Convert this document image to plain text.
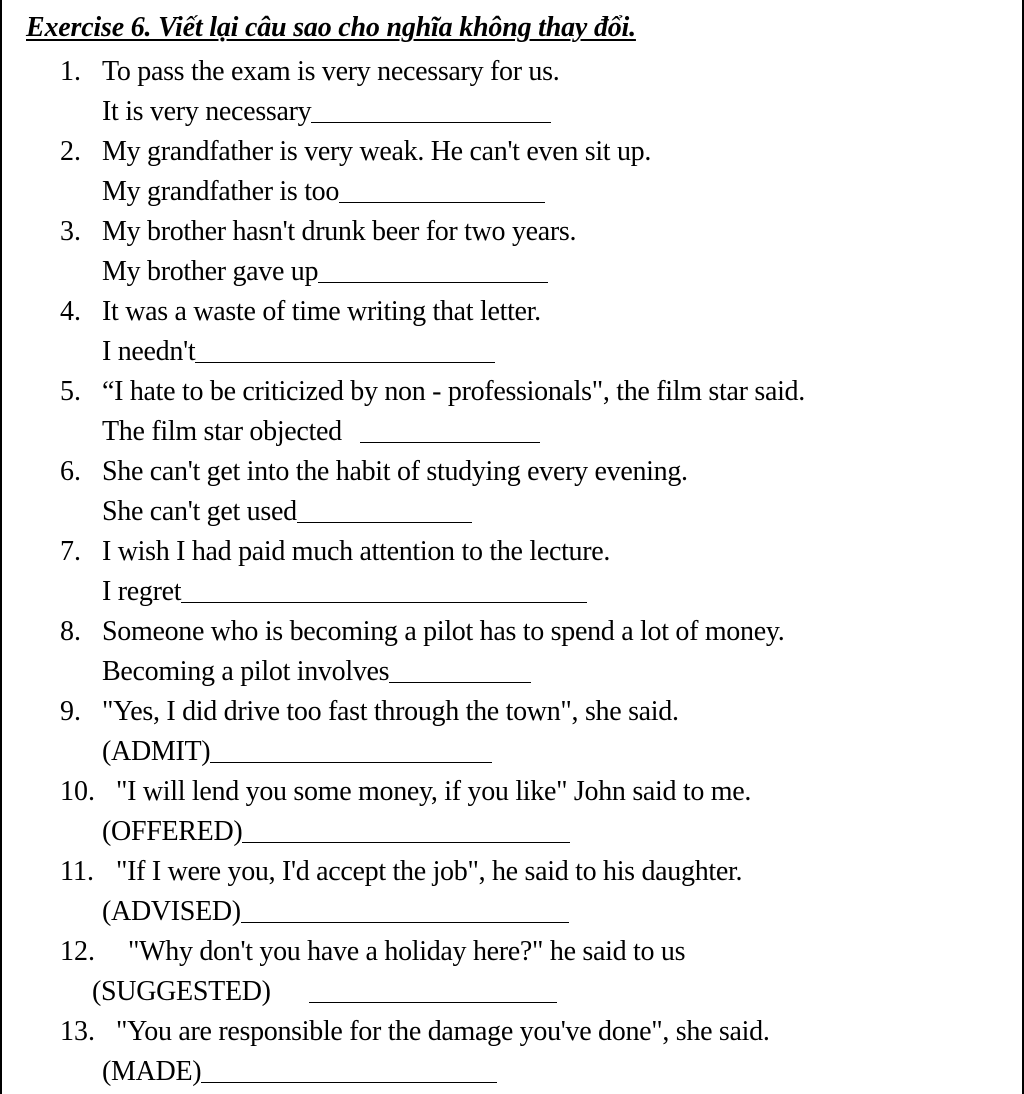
Exercise 6. Viết lại câu sao cho nghĩa không thay đổi.
1. To pass the exam is very necessary for us.
It is very necessary
2. My grandfather is very weak. He can't even sit up.
My grandfather is too
3. My brother hasn't drunk beer for two years.
My brother gave up
4. It was a waste of time writing that letter.
I needn't
5. “I hate to be criticized by non - professionals", the film star said.
The film star objected
6. She can't get into the habit of studying every evening.
She can't get used
7. I wish I had paid much attention to the lecture.
I regret
8. Someone who is becoming a pilot has to spend a lot of money.
Becoming a pilot involves
9. "Yes, I did drive too fast through the town", she said.
(ADMIT)
10. "I will lend you some money, if you like" John said to me.
(OFFERED)
11. "If I were you, I'd accept the job", he said to his daughter.
(ADVISED)
12. "Why don't you have a holiday here?" he said to us
(SUGGESTED)
13. "You are responsible for the damage you've done", she said.
(MADE)
